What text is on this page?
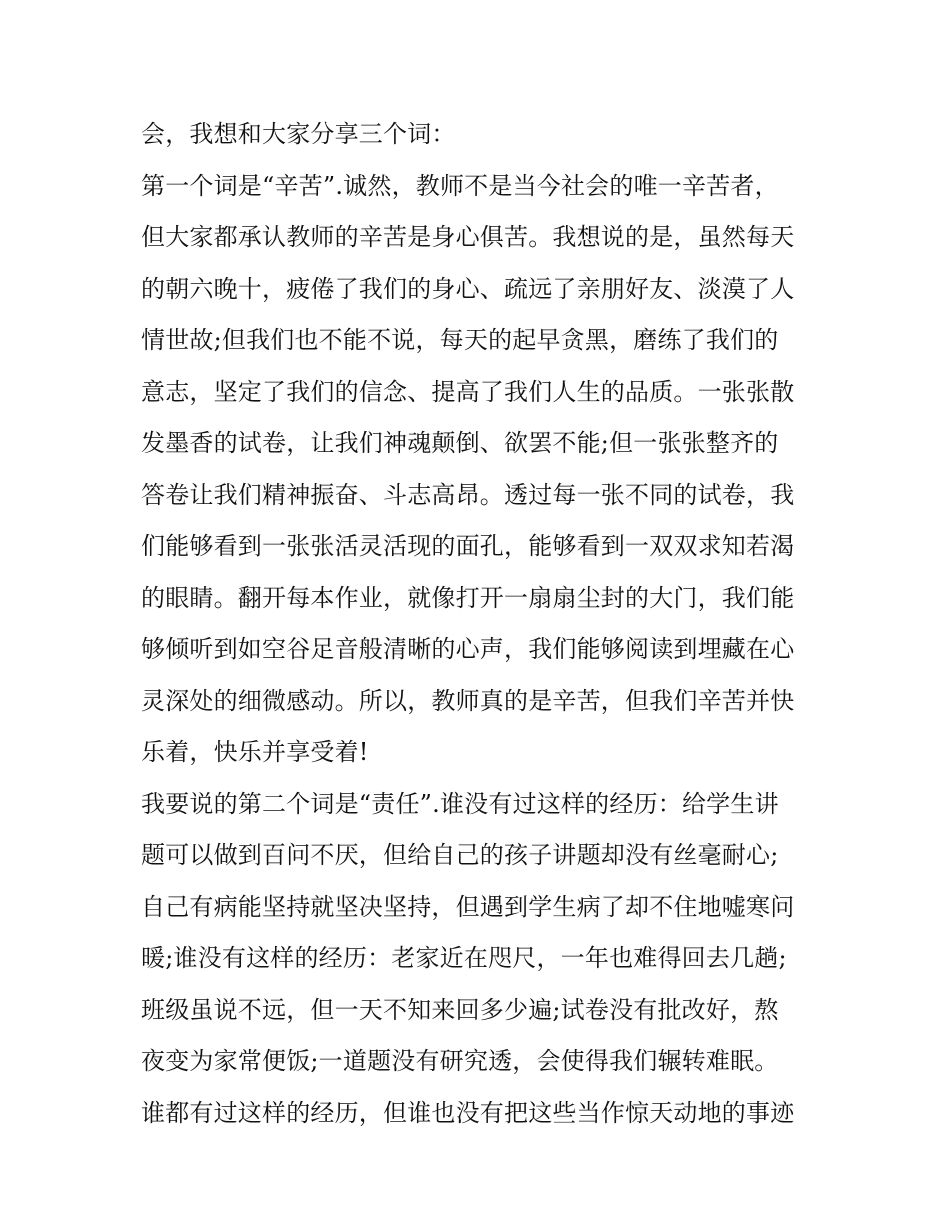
会，我想和大家分享三个词：
第一个词是“辛苦”.诚然，教师不是当今社会的唯一辛苦者，
但大家都承认教师的辛苦是身心俱苦。我想说的是，虽然每天
的朝六晚十，疲倦了我们的身心、疏远了亲朋好友、淡漠了人
情世故;但我们也不能不说，每天的起早贪黑，磨练了我们的
意志，坚定了我们的信念、提高了我们人生的品质。一张张散
发墨香的试卷，让我们神魂颠倒、欲罢不能;但一张张整齐的
答卷让我们精神振奋、斗志高昂。透过每一张不同的试卷，我
们能够看到一张张活灵活现的面孔，能够看到一双双求知若渴
的眼睛。翻开每本作业，就像打开一扇扇尘封的大门，我们能
够倾听到如空谷足音般清晰的心声，我们能够阅读到埋藏在心
灵深处的细微感动。所以，教师真的是辛苦，但我们辛苦并快
乐着，快乐并享受着!
我要说的第二个词是“责任”.谁没有过这样的经历：给学生讲
题可以做到百问不厌，但给自己的孩子讲题却没有丝毫耐心;
自己有病能坚持就坚决坚持，但遇到学生病了却不住地嘘寒问
暖;谁没有这样的经历：老家近在咫尺，一年也难得回去几趟;
班级虽说不远，但一天不知来回多少遍;试卷没有批改好，熬
夜变为家常便饭;一道题没有研究透，会使得我们辗转难眠。
谁都有过这样的经历，但谁也没有把这些当作惊天动地的事迹
